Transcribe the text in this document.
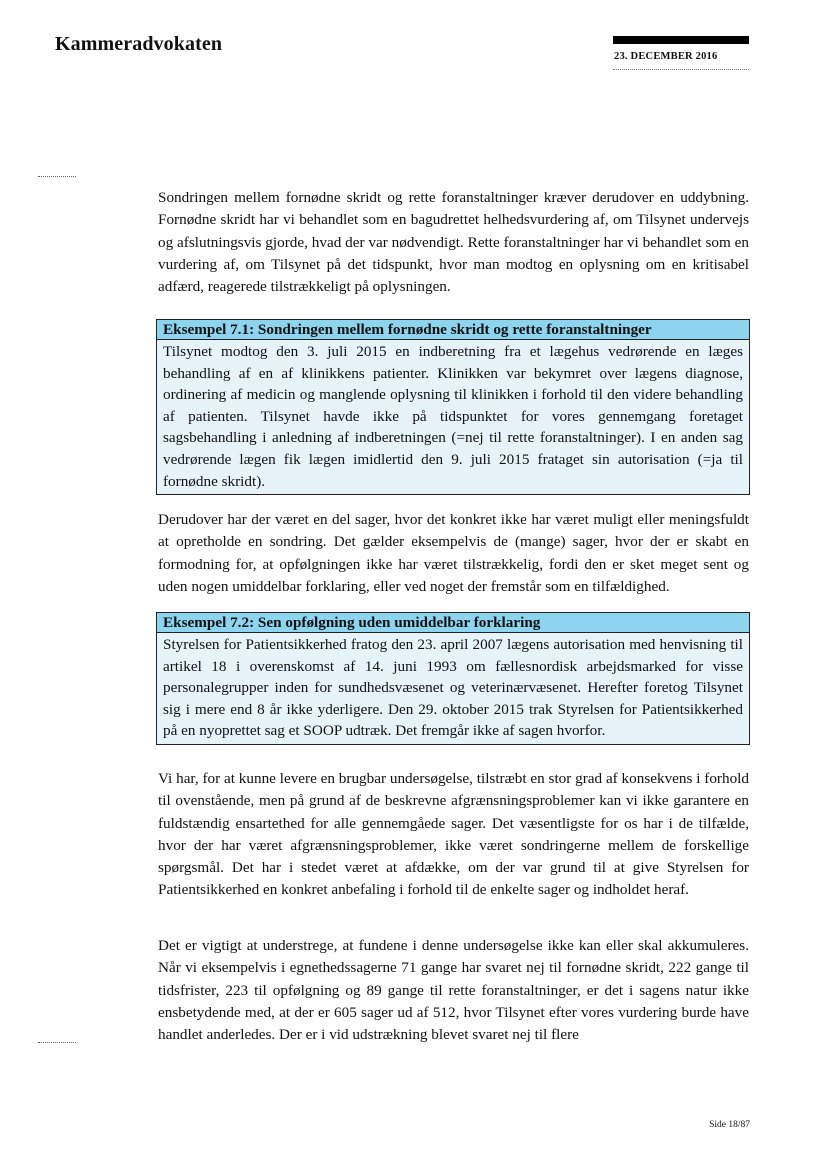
Kammeradvokaten
23. DECEMBER 2016

Sondringen mellem fornødne skridt og rette foranstaltninger kræver derudover en uddybning. Fornødne skridt har vi behandlet som en bagudrettet helhedsvurdering af, om Tilsynet undervejs og afslutningsvis gjorde, hvad der var nødvendigt. Rette foranstaltninger har vi behandlet som en vurdering af, om Tilsynet på det tidspunkt, hvor man modtog en oplysning om en kritisabel adfærd, reagerede tilstrækkeligt på oplysningen.

Eksempel 7.1: Sondringen mellem fornødne skridt og rette foranstaltninger
Tilsynet modtog den 3. juli 2015 en indberetning fra et lægehus vedrørende en læges behandling af en af klinikkens patienter. Klinikken var bekymret over lægens diagnose, ordinering af medicin og manglende oplysning til klinikken i forhold til den videre behandling af patienten. Tilsynet havde ikke på tidspunktet for vores gennemgang foretaget sagsbehandling i anledning af indberetningen (=nej til rette foranstaltninger). I en anden sag vedrørende lægen fik lægen imidlertid den 9. juli 2015 frataget sin autorisation (=ja til fornødne skridt).

Derudover har der været en del sager, hvor det konkret ikke har været muligt eller meningsfuldt at opretholde en sondring. Det gælder eksempelvis de (mange) sager, hvor der er skabt en formodning for, at opfølgningen ikke har været tilstrækkelig, fordi den er sket meget sent og uden nogen umiddelbar forklaring, eller ved noget der fremstår som en tilfældighed.

Eksempel 7.2: Sen opfølgning uden umiddelbar forklaring
Styrelsen for Patientsikkerhed fratog den 23. april 2007 lægens autorisation med henvisning til artikel 18 i overenskomst af 14. juni 1993 om fællesnordisk arbejdsmarked for visse personalegrupper inden for sundhedsvæsenet og veterinærvæsenet. Herefter foretog Tilsynet sig i mere end 8 år ikke yderligere. Den 29. oktober 2015 trak Styrelsen for Patientsikkerhed på en nyoprettet sag et SOOP udtræk. Det fremgår ikke af sagen hvorfor.

Vi har, for at kunne levere en brugbar undersøgelse, tilstræbt en stor grad af konsekvens i forhold til ovenstående, men på grund af de beskrevne afgrænsningsproblemer kan vi ikke garantere en fuldstændig ensartethed for alle gennemgåede sager. Det væsentligste for os har i de tilfælde, hvor der har været afgrænsningsproblemer, ikke været sondringerne mellem de forskellige spørgsmål. Det har i stedet været at afdække, om der var grund til at give Styrelsen for Patientsikkerhed en konkret anbefaling i forhold til de enkelte sager og indholdet heraf.

Det er vigtigt at understrege, at fundene i denne undersøgelse ikke kan eller skal akkumuleres. Når vi eksempelvis i egnethedssagerne 71 gange har svaret nej til fornødne skridt, 222 gange til tidsfrister, 223 til opfølgning og 89 gange til rette foranstaltninger, er det i sagens natur ikke ensbetydende med, at der er 605 sager ud af 512, hvor Tilsynet efter vores vurdering burde have handlet anderledes. Der er i vid udstrækning blevet svaret nej til flere

Side 18/87
